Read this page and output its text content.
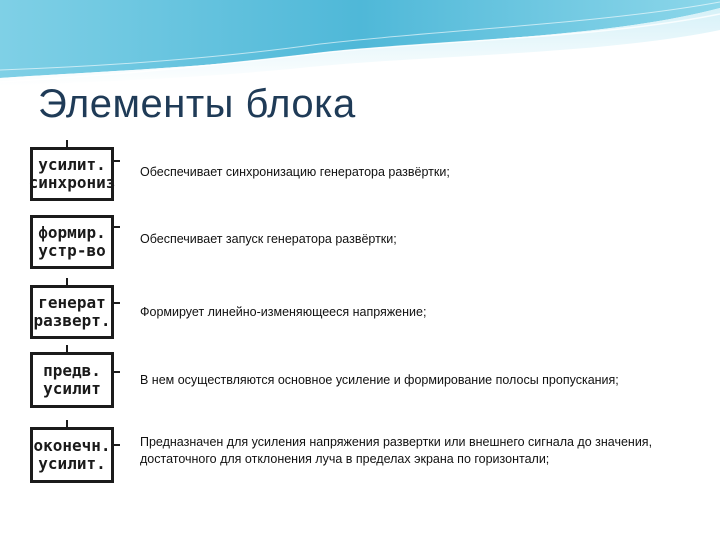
Элементы блока
усилит.
синхрониз
Обеспечивает синхронизацию генератора развёртки;
формир.
устр-во
Обеспечивает запуск генератора развёртки;
генерат
разверт. Формирует линейно-изменяющееся напряжение;
предв.
усилит	В нем осуществляются основное усиление и формирование полосы пропускания;
оконечн.
усилит.
Предназначен для усиления напряжения развертки или внешнего сигнала до значения, достаточного для отклонения луча в пределах экрана по горизонтали;
